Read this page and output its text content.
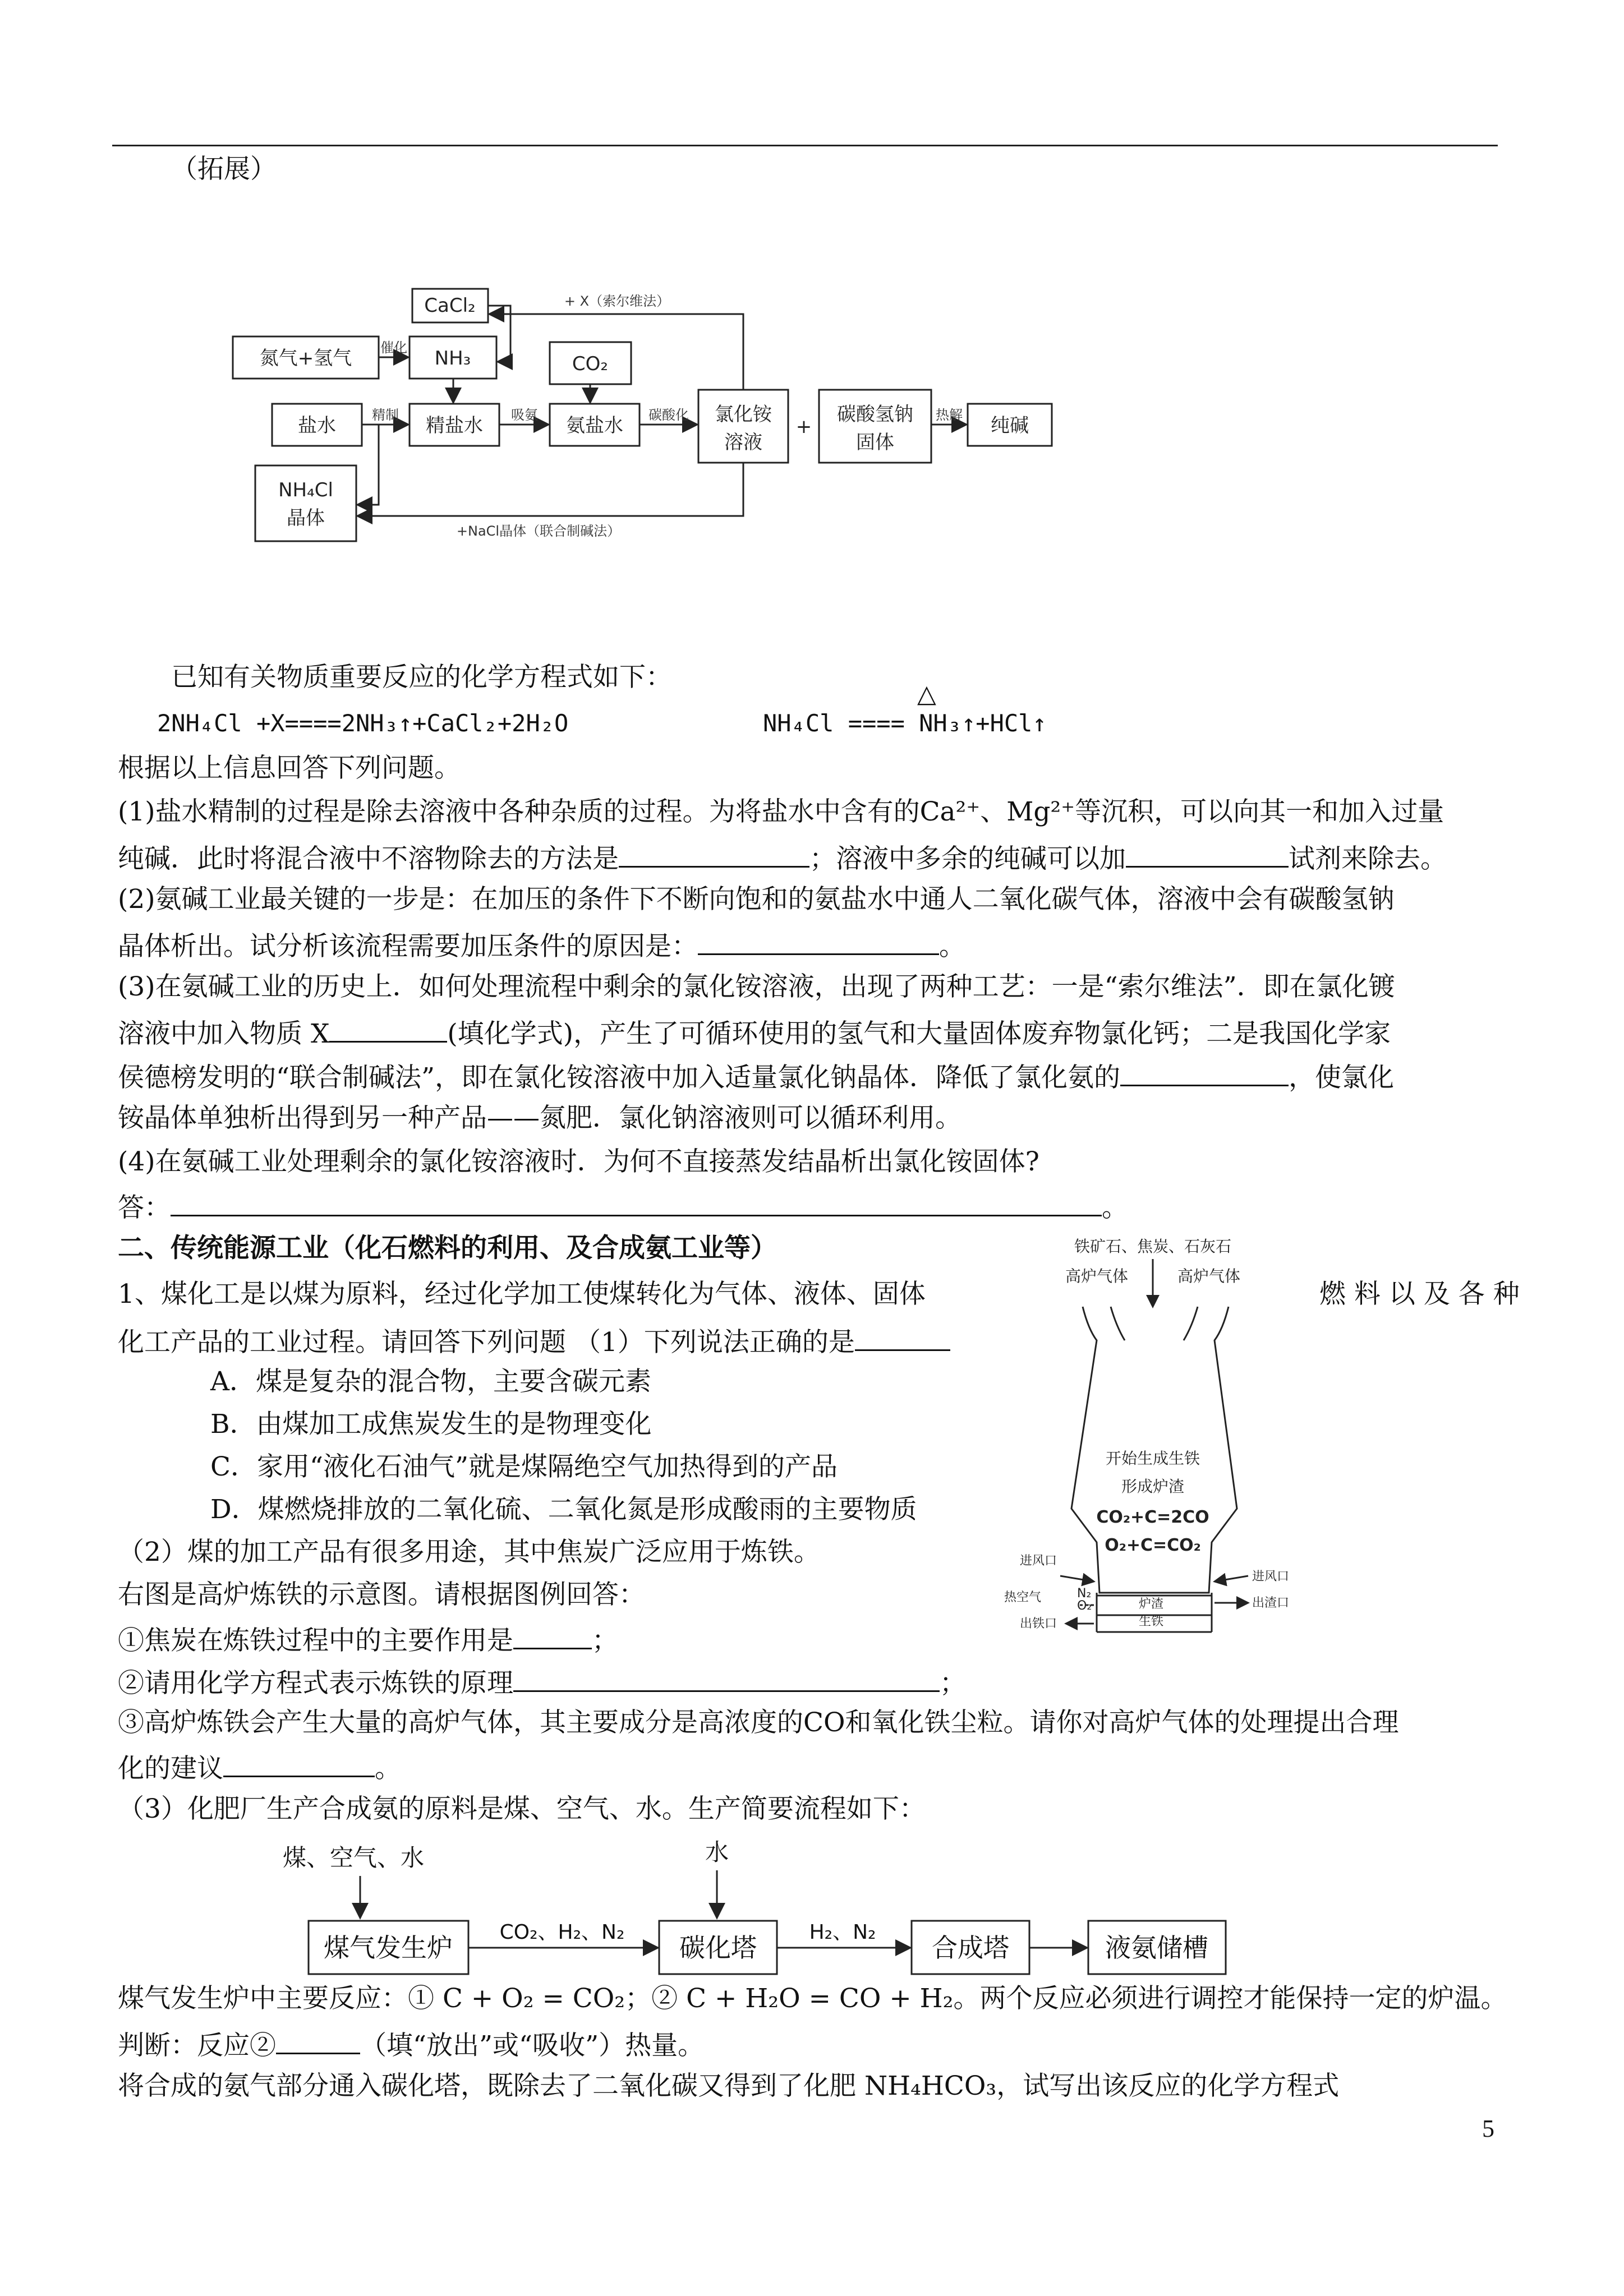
（拓展）
CaCl₂
氮气+氢气	NH₃	CO₂
盐水	精盐水	氨盐水	氯化铵
溶液
碳酸氢钠
固体
纯碱
NH₄Cl
晶体
+
催化
+ X（索尔维法）
精制	吸氨	碳酸化	热解
+NaCl晶体（联合制碱法）
已知有关物质重要反应的化学方程式如下：
2NH₄Cl +X====2NH₃↑+CaCl₂+2H₂O
△
NH₄Cl ==== NH₃↑+HCl↑
根据以上信息回答下列问题。
(1)盐水精制的过程是除去溶液中各种杂质的过程。为将盐水中含有的Ca²⁺、Mg²⁺等沉积，可以向其一和加入过量
纯碱．此时将混合液中不溶物除去的方法是	；溶液中多余的纯碱可以加	试剂来除去。
(2)氨碱工业最关键的一步是：在加压的条件下不断向饱和的氨盐水中通人二氧化碳气体，溶液中会有碳酸氢钠
晶体析出。试分析该流程需要加压条件的原因是：	。
(3)在氨碱工业的历史上．如何处理流程中剩余的氯化铵溶液，出现了两种工艺：一是“索尔维法”．即在氯化镀
溶液中加入物质 X	(填化学式)，产生了可循环使用的氢气和大量固体废弃物氯化钙；二是我国化学家
侯德榜发明的“联合制碱法”，即在氯化铵溶液中加入适量氯化钠晶体．降低了氯化氨的	，使氯化
铵晶体单独析出得到另一种产品——氮肥．氯化钠溶液则可以循环利用。
(4)在氨碱工业处理剩余的氯化铵溶液时．为何不直接蒸发结晶析出氯化铵固体?
答：	。
二、传统能源工业（化石燃料的利用、及合成氨工业等）
1、煤化工是以煤为原料，经过化学加工使煤转化为气体、液体、固体	燃 料 以 及 各 种
化工产品的工业过程。请回答下列问题 （1）下列说法正确的是
A．煤是复杂的混合物，主要含碳元素
B．由煤加工成焦炭发生的是物理变化
C．家用“液化石油气”就是煤隔绝空气加热得到的产品
D．煤燃烧排放的二氧化硫、二氧化氮是形成酸雨的主要物质
（2）煤的加工产品有很多用途，其中焦炭广泛应用于炼铁。
右图是高炉炼铁的示意图。请根据图例回答：
①焦炭在炼铁过程中的主要作用是	；
②请用化学方程式表示炼铁的原理	；
③高炉炼铁会产生大量的高炉气体，其主要成分是高浓度的CO和氧化铁尘粒。请你对高炉气体的处理提出合理
化的建议	。
（3）化肥厂生产合成氨的原料是煤、空气、水。生产简要流程如下：
铁矿石、焦炭、石灰石
高炉气体	高炉气体
开始生成生铁
形成炉渣
CO₂+C=2CO
O₂+C=CO₂
进风口
热空气	N₂
O₂
出铁口
进风口
出渣口
炉渣
生铁
煤、空气、水	水
煤气发生炉	碳化塔	合成塔	液氨储槽
CO₂、H₂、N₂	H₂、N₂
煤气发生炉中主要反应：① C + O₂ = CO₂；② C + H₂O = CO + H₂。两个反应必须进行调控才能保持一定的炉温。
判断：反应②	（填“放出”或“吸收”）热量。
将合成的氨气部分通入碳化塔，既除去了二氧化碳又得到了化肥 NH₄HCO₃，试写出该反应的化学方程式
5
